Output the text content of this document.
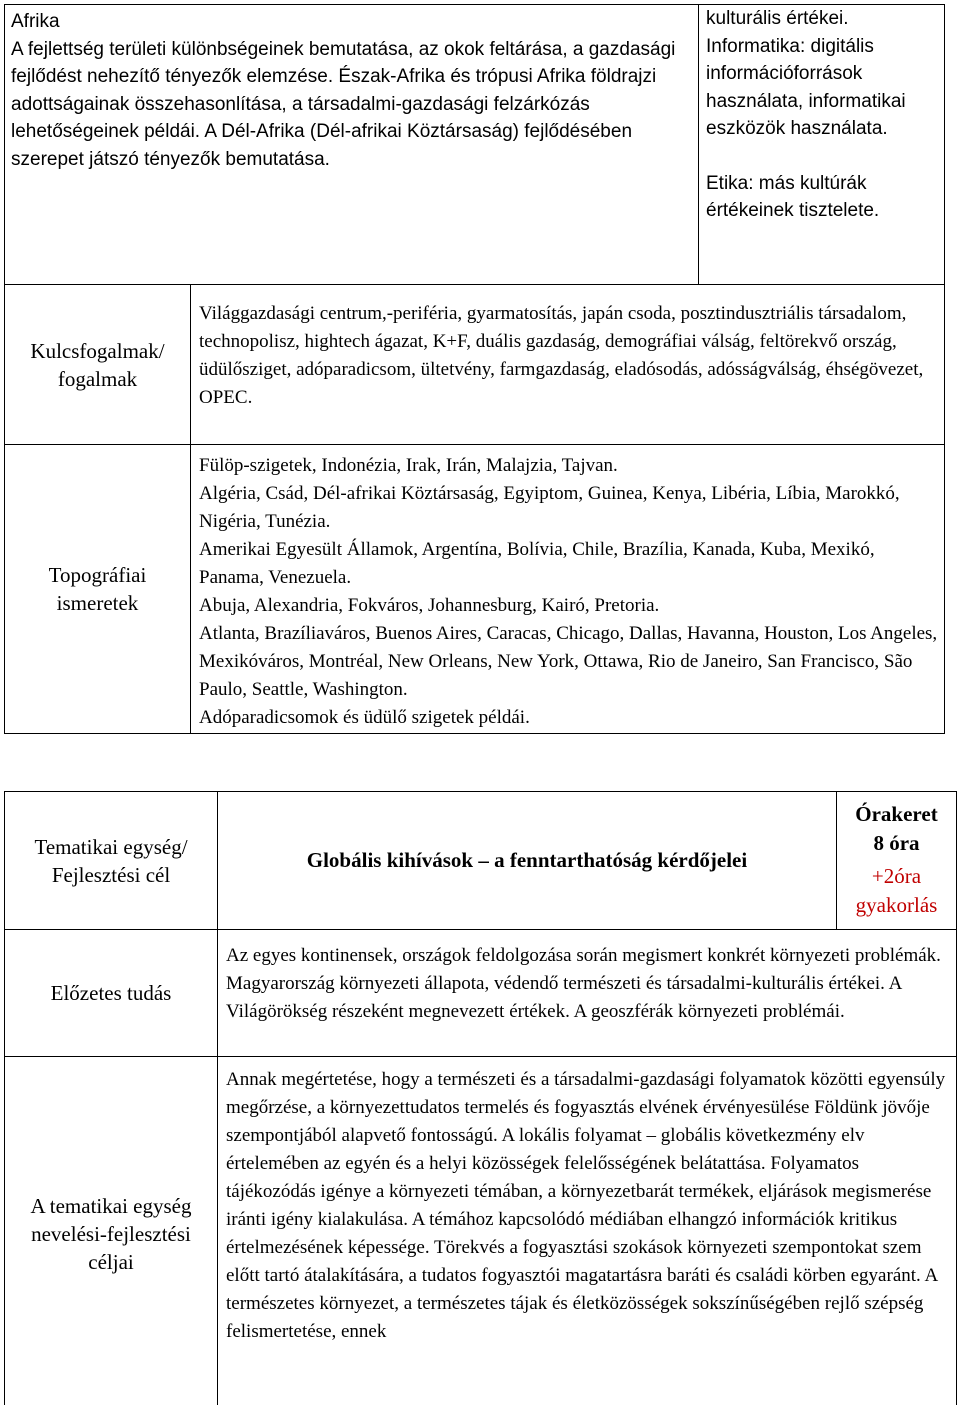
Afrika

A fejlettség területi különbségeinek bemutatása, az okok feltárása, a gazdasági fejlődést nehezítő tényezők elemzése. Észak-Afrika és trópusi Afrika földrajzi adottságainak összehasonlítása, a társadalmi-gazdasági felzárkózás lehetőségeinek példái. A Dél-Afrika (Dél-afrikai Köztársaság) fejlődésében szerepet játszó tényezők bemutatása.

kulturális értékei.

Informatika: digitális információforrások használata, informatikai eszközök használata.

Etika: más kultúrák értékeinek tisztelete.

Kulcsfogalmak/ fogalmak

Világgazdasági centrum,-periféria, gyarmatosítás, japán csoda, posztindusztriális társadalom, technopolisz, hightech ágazat, K+F, duális gazdaság, demográfiai válság, feltörekvő ország, üdülősziget, adóparadicsom, ültetvény, farmgazdaság, eladósodás, adósságválság, éhségövezet, OPEC.

Topográfiai ismeretek

Fülöp-szigetek, Indonézia, Irak, Irán, Malajzia, Tajvan.

Algéria, Csád, Dél-afrikai Köztársaság, Egyiptom, Guinea, Kenya, Libéria, Líbia, Marokkó, Nigéria, Tunézia.

Amerikai Egyesült Államok, Argentína, Bolívia, Chile, Brazília, Kanada, Kuba, Mexikó, Panama, Venezuela.

Abuja, Alexandria, Fokváros, Johannesburg, Kairó, Pretoria.

Atlanta, Brazíliaváros, Buenos Aires, Caracas, Chicago, Dallas, Havanna, Houston, Los Angeles, Mexikóváros, Montréal, New Orleans, New York, Ottawa, Rio de Janeiro, San Francisco, São Paulo, Seattle, Washington.

Adóparadicsomok és üdülő szigetek példái.

Tematikai egység/ Fejlesztési cél

Globális kihívások – a fenntarthatóság kérdőjelei

Órakeret

8 óra

+2óra gyakorlás

Előzetes tudás

Az egyes kontinensek, országok feldolgozása során megismert konkrét környezeti problémák. Magyarország környezeti állapota, védendő természeti és társadalmi-kulturális értékei. A Világörökség részeként megnevezett értékek. A geoszférák környezeti problémái.

A tematikai egység nevelési-fejlesztési céljai

Annak megértetése, hogy a természeti és a társadalmi-gazdasági folyamatok közötti egyensúly megőrzése, a környezettudatos termelés és fogyasztás elvének érvényesülése Földünk jövője szempontjából alapvető fontosságú. A lokális folyamat – globális következmény elv értelemében az egyén és a helyi közösségek felelősségének belátattása. Folyamatos tájékozódás igénye a környezeti témában, a környezetbarát termékek, eljárások megismerése iránti igény kialakulása. A témához kapcsolódó médiában elhangzó információk kritikus értelmezésének képessége. Törekvés a fogyasztási szokások környezeti szempontokat szem előtt tartó átalakítására, a tudatos fogyasztói magatartásra baráti és családi körben egyaránt. A természetes környezet, a természetes tájak és életközösségek sokszínűségében rejlő szépség felismertetése, ennek
